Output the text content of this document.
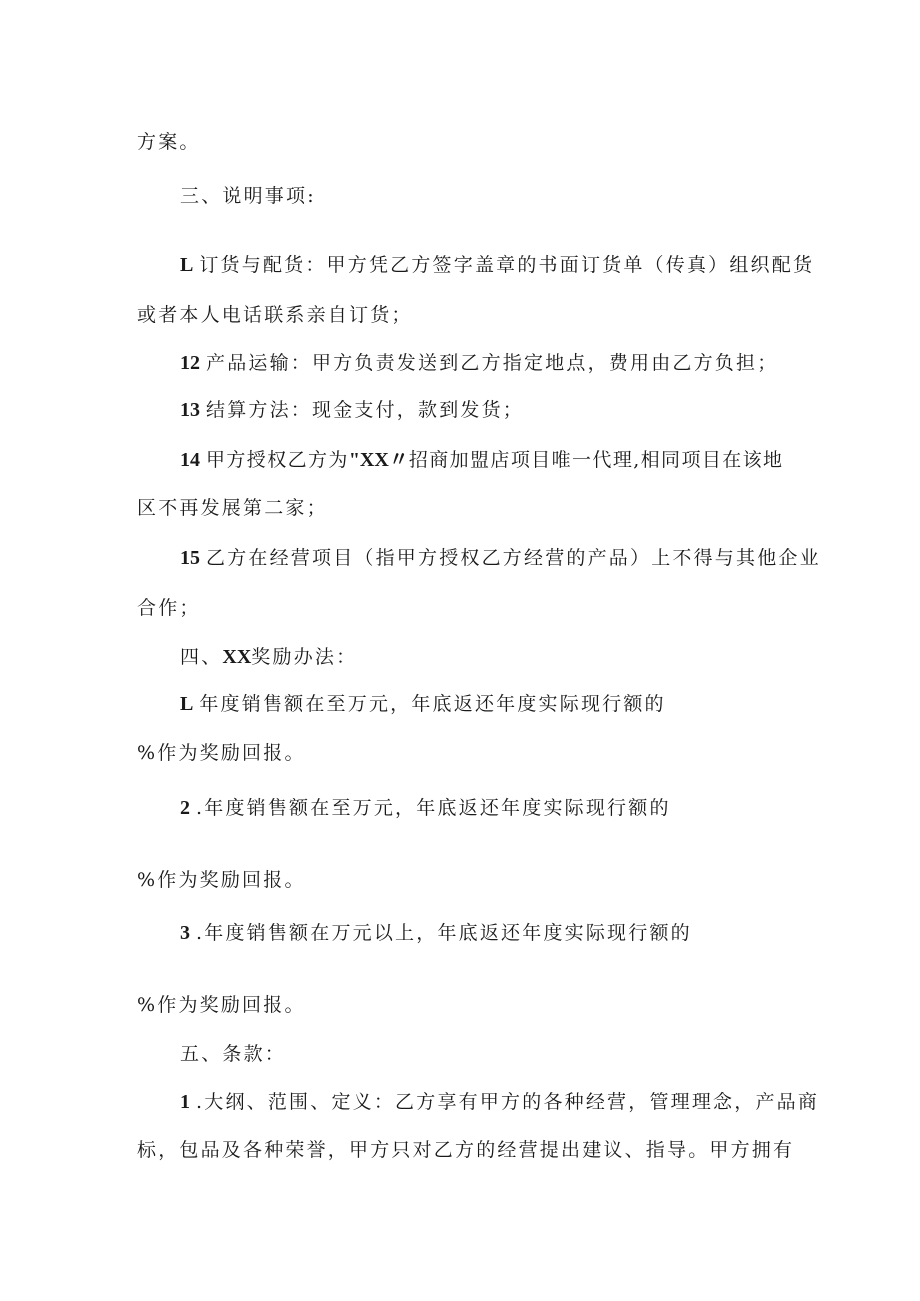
方案。
三、说明事项:
L 订货与配货：甲方凭乙方签字盖章的书面订货单（传真）组织配货
或者本人电话联系亲自订货；
12 产品运输：甲方负责发送到乙方指定地点，费用由乙方负担；
13 结算方法：现金支付，款到发货；
14 甲方授权乙方为"XX〃招商加盟店项目唯一代理,相同项目在该地
区不再发展第二家；
15 乙方在经营项目（指甲方授权乙方经营的产品）上不得与其他企业
合作；
四、XX奖励办法：
L 年度销售额在至万元，年底返还年度实际现行额的
%作为奖励回报。
2 .年度销售额在至万元，年底返还年度实际现行额的
%作为奖励回报。
3 .年度销售额在万元以上，年底返还年度实际现行额的
%作为奖励回报。
五、条款：
1 .大纲、范围、定义：乙方享有甲方的各种经营，管理理念，产品商
标，包品及各种荣誉，甲方只对乙方的经营提出建议、指导。甲方拥有
